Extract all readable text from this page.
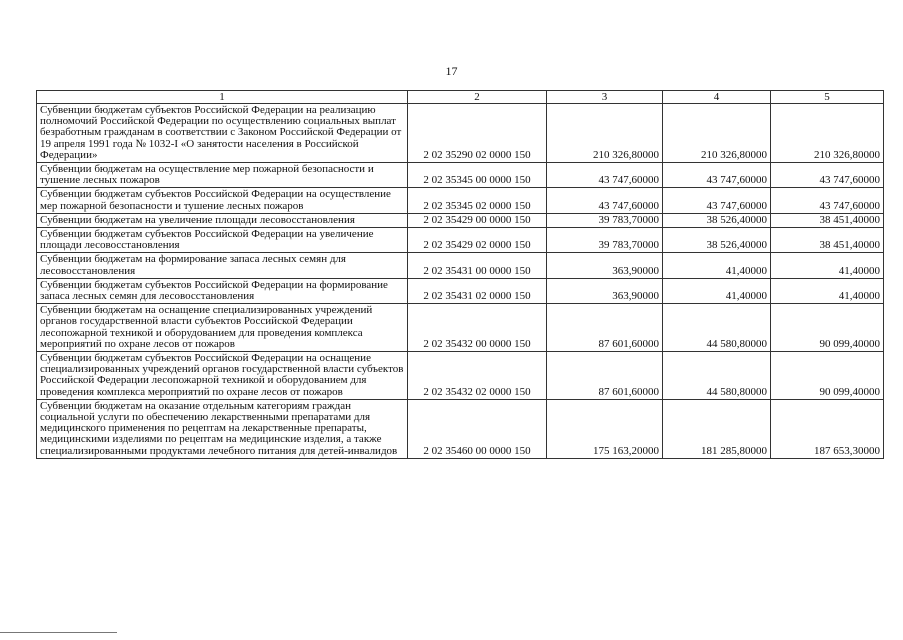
17
1	2	3	4	5
Субвенции бюджетам субъектов Российской Федерации на реализацию полномочий Российской Федерации по осуществлению социальных выплат безработным гражданам в соответствии с Законом Российской Федерации от 19 апреля 1991 года № 1032-I «О занятости населения в Российской Федерации»	2 02 35290 02 0000 150	210 326,80000	210 326,80000	210 326,80000
Субвенции бюджетам на осуществление мер пожарной безопасности и тушение лесных пожаров	2 02 35345 00 0000 150	43 747,60000	43 747,60000	43 747,60000
Субвенции бюджетам субъектов Российской Федерации на осуществление мер пожарной безопасности и тушение лесных пожаров	2 02 35345 02 0000 150	43 747,60000	43 747,60000	43 747,60000
Субвенции бюджетам на увеличение площади лесовосстановления	2 02 35429 00 0000 150	39 783,70000	38 526,40000	38 451,40000
Субвенции бюджетам субъектов Российской Федерации на увеличение площади лесовосстановления	2 02 35429 02 0000 150	39 783,70000	38 526,40000	38 451,40000
Субвенции бюджетам на формирование запаса лесных семян для лесовосстановления	2 02 35431 00 0000 150	363,90000	41,40000	41,40000
Субвенции бюджетам субъектов Российской Федерации на формирование запаса лесных семян для лесовосстановления	2 02 35431 02 0000 150	363,90000	41,40000	41,40000
Субвенции бюджетам на оснащение специализированных учреждений органов государственной власти субъектов Российской Федерации лесопожарной техникой и оборудованием для проведения комплекса мероприятий по охране лесов от пожаров	2 02 35432 00 0000 150	87 601,60000	44 580,80000	90 099,40000
Субвенции бюджетам субъектов Российской Федерации на оснащение специализированных учреждений органов государственной власти субъектов Российской Федерации лесопожарной техникой и оборудованием для проведения комплекса мероприятий по охране лесов от пожаров	2 02 35432 02 0000 150	87 601,60000	44 580,80000	90 099,40000
Субвенции бюджетам на оказание отдельным категориям граждан социальной услуги по обеспечению лекарственными препаратами для медицинского применения по рецептам на лекарственные препараты, медицинскими изделиями по рецептам на медицинские изделия, а также специализированными продуктами лечебного питания для детей-инвалидов	2 02 35460 00 0000 150	175 163,20000	181 285,80000	187 653,30000
